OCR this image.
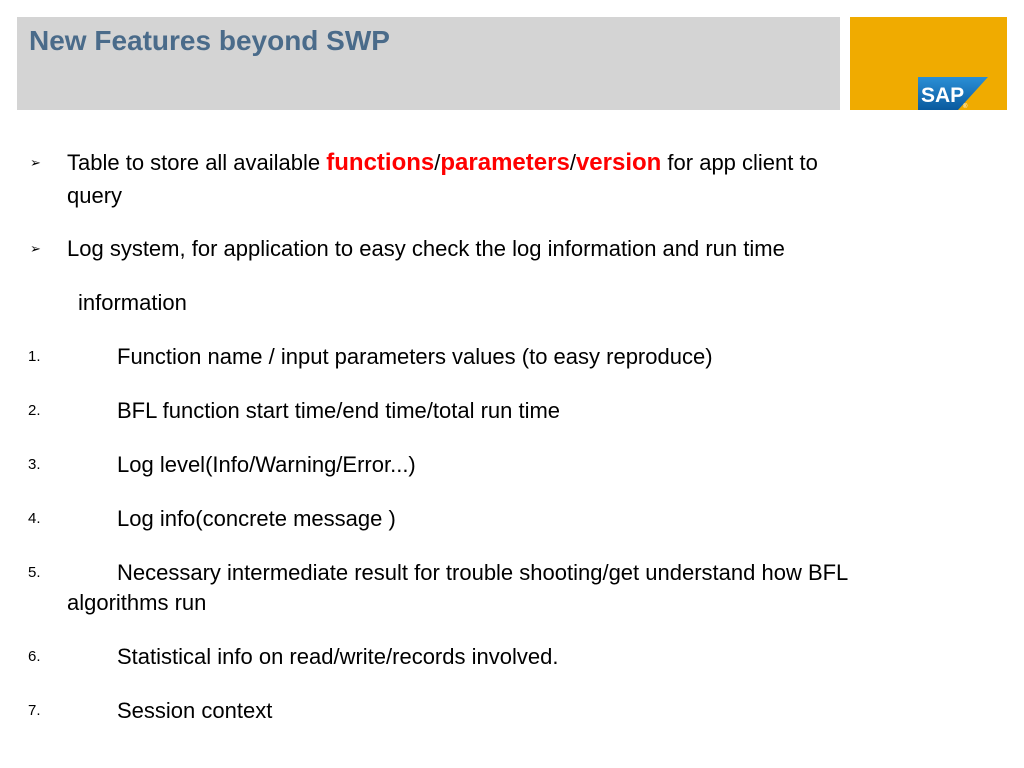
New Features beyond SWP
SAP
®
➢ Table to store all available functions/parameters/version for app client to
query
➢ Log system, for application to easy check the log information and run time
information
1.	Function name / input parameters values (to easy reproduce)
2.	BFL function start time/end time/total run time
3.	Log level(Info/Warning/Error...)
4.	Log info(concrete message )
5.	Necessary intermediate result for trouble shooting/get understand how BFL
algorithms run
6.	Statistical info on read/write/records involved.
7.	Session context
